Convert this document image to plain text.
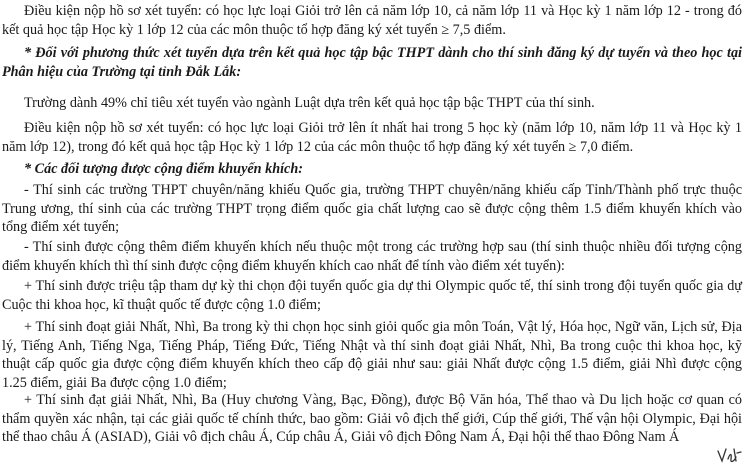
Điều kiện nộp hồ sơ xét tuyển: có học lực loại Giỏi trở lên cả năm lớp 10, cả năm lớp 11 và Học kỳ 1 năm lớp 12 - trong đó kết quả học tập Học kỳ 1 lớp 12 của các môn thuộc tổ hợp đăng ký xét tuyển ≥ 7,5 điểm.

* Đối với phương thức xét tuyển dựa trên kết quả học tập bậc THPT dành cho thí sinh đăng ký dự tuyển và theo học tại Phân hiệu của Trường tại tỉnh Đắk Lắk:

Trường dành 49% chỉ tiêu xét tuyển vào ngành Luật dựa trên kết quả học tập bậc THPT của thí sinh.

Điều kiện nộp hồ sơ xét tuyển: có học lực loại Giỏi trở lên ít nhất hai trong 5 học kỳ (năm lớp 10, năm lớp 11 và Học kỳ 1 năm lớp 12), trong đó kết quả học tập Học kỳ 1 lớp 12 của các môn thuộc tổ hợp đăng ký xét tuyển ≥ 7,0 điểm.

* Các đối tượng được cộng điểm khuyến khích:

- Thí sinh các trường THPT chuyên/năng khiếu Quốc gia, trường THPT chuyên/năng khiếu cấp Tỉnh/Thành phố trực thuộc Trung ương, thí sinh của các trường THPT trọng điểm quốc gia chất lượng cao sẽ được cộng thêm 1.5 điểm khuyến khích vào tổng điểm xét tuyển;

- Thí sinh được cộng thêm điểm khuyến khích nếu thuộc một trong các trường hợp sau (thí sinh thuộc nhiều đối tượng cộng điểm khuyến khích thì thí sinh được cộng điểm khuyến khích cao nhất để tính vào điểm xét tuyển):

+ Thí sinh được triệu tập tham dự kỳ thi chọn đội tuyển quốc gia dự thi Olympic quốc tế, thí sinh trong đội tuyển quốc gia dự Cuộc thi khoa học, kĩ thuật quốc tế được cộng 1.0 điểm;

+ Thí sinh đoạt giải Nhất, Nhì, Ba trong kỳ thi chọn học sinh giỏi quốc gia môn Toán, Vật lý, Hóa học, Ngữ văn, Lịch sử, Địa lý, Tiếng Anh, Tiếng Nga, Tiếng Pháp, Tiếng Đức, Tiếng Nhật và thí sinh đoạt giải Nhất, Nhì, Ba trong cuộc thi khoa học, kỹ thuật cấp quốc gia được cộng điểm khuyến khích theo cấp độ giải như sau: giải Nhất được cộng 1.5 điểm, giải Nhì được cộng 1.25 điểm, giải Ba được cộng 1.0 điểm;

+ Thí sinh đạt giải Nhất, Nhì, Ba (Huy chương Vàng, Bạc, Đồng), được Bộ Văn hóa, Thể thao và Du lịch hoặc cơ quan có thẩm quyền xác nhận, tại các giải quốc tế chính thức, bao gồm: Giải vô địch thế giới, Cúp thế giới, Thế vận hội Olympic, Đại hội thể thao châu Á (ASIAD), Giải vô địch châu Á, Cúp châu Á, Giải vô địch Đông Nam Á, Đại hội thể thao Đông Nam Á
